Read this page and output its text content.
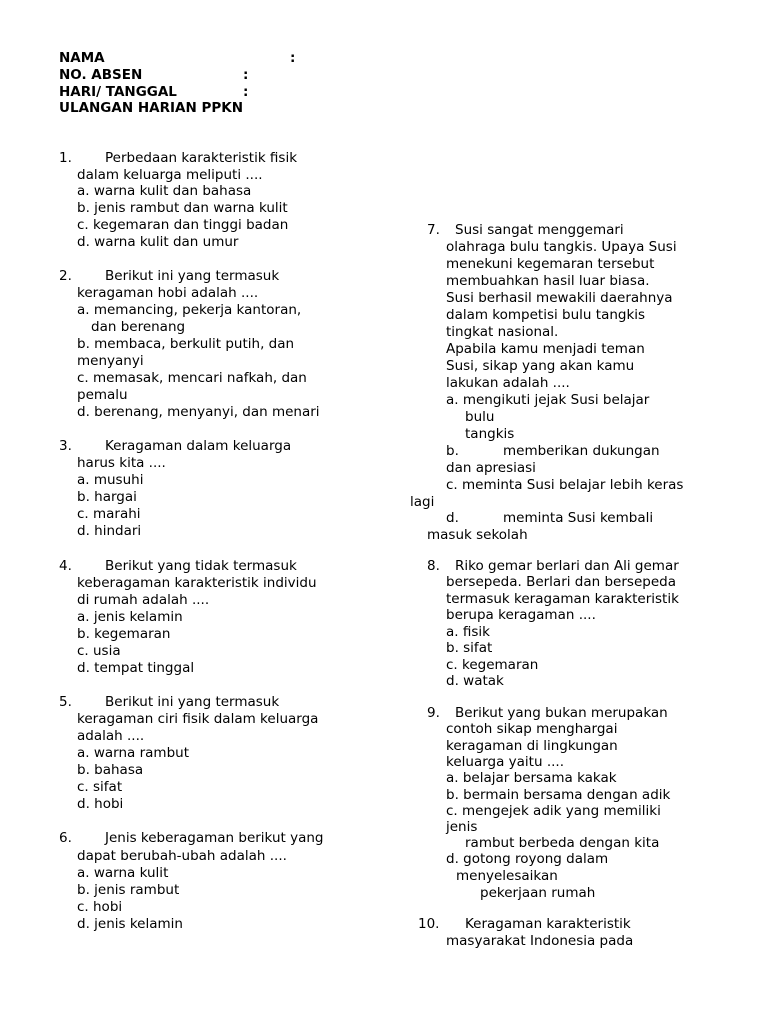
NAMA	:
NO. ABSEN	:
HARI/ TANGGAL	:
ULANGAN HARIAN PPKN
1. Perbedaan karakteristik fisik
dalam keluarga meliputi ....
a. warna kulit dan bahasa
b. jenis rambut dan warna kulit
c. kegemaran dan tinggi badan
d. warna kulit dan umur
2. Berikut ini yang termasuk
keragaman hobi adalah ....
a. memancing, pekerja kantoran,
dan berenang
b. membaca, berkulit putih, dan
menyanyi
c. memasak, mencari nafkah, dan
pemalu
d. berenang, menyanyi, dan menari
3. Keragaman dalam keluarga
harus kita ....
a. musuhi
b. hargai
c. marahi
d. hindari
4. Berikut yang tidak termasuk
keberagaman karakteristik individu
di rumah adalah ....
a. jenis kelamin
b. kegemaran
c. usia
d. tempat tinggal
5. Berikut ini yang termasuk
keragaman ciri fisik dalam keluarga
adalah ....
a. warna rambut
b. bahasa
c. sifat
d. hobi
6. Jenis keberagaman berikut yang
dapat berubah-ubah adalah ....
a. warna kulit
b. jenis rambut
c. hobi
d. jenis kelamin
7. Susi sangat menggemari
olahraga bulu tangkis. Upaya Susi
menekuni kegemaran tersebut
membuahkan hasil luar biasa.
Susi berhasil mewakili daerahnya
dalam kompetisi bulu tangkis
tingkat nasional.
Apabila kamu menjadi teman
Susi, sikap yang akan kamu
lakukan adalah ....
a. mengikuti jejak Susi belajar
bulu
tangkis
b.	memberikan dukungan
dan apresiasi
c. meminta Susi belajar lebih keras
lagi
d.	meminta Susi kembali
masuk sekolah
8. Riko gemar berlari dan Ali gemar
bersepeda. Berlari dan bersepeda
termasuk keragaman karakteristik
berupa keragaman ....
a. fisik
b. sifat
c. kegemaran
d. watak
9. Berikut yang bukan merupakan
contoh sikap menghargai
keragaman di lingkungan
keluarga yaitu ....
a. belajar bersama kakak
b. bermain bersama dengan adik
c. mengejek adik yang memiliki
jenis
rambut berbeda dengan kita
d. gotong royong dalam
menyelesaikan
pekerjaan rumah
10. Keragaman karakteristik
masyarakat Indonesia pada
